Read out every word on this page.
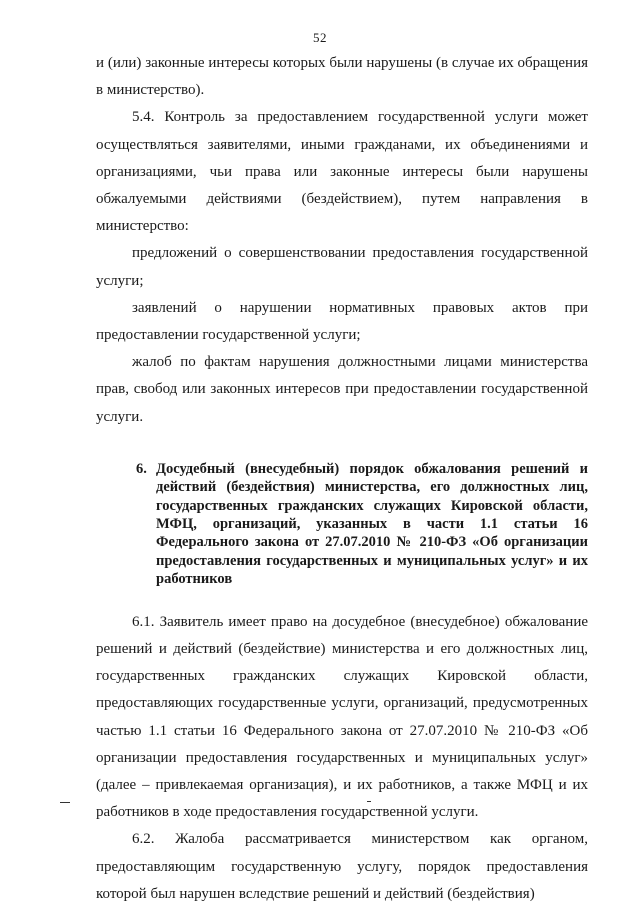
52

и (или) законные интересы которых были нарушены (в случае их обращения в министерство).

5.4. Контроль за предоставлением государственной услуги может осуществляться заявителями, иными гражданами, их объединениями и организациями, чьи права или законные интересы были нарушены обжалуемыми действиями (бездействием), путем направления в министерство:

предложений о совершенствовании предоставления государственной услуги;

заявлений о нарушении нормативных правовых актов при предоставлении государственной услуги;

жалоб по фактам нарушения должностными лицами министерства прав, свобод или законных интересов при предоставлении государственной услуги.

6. Досудебный (внесудебный) порядок обжалования решений и действий (бездействия) министерства, его должностных лиц, государственных гражданских служащих Кировской области, МФЦ, организаций, указанных в части 1.1 статьи 16 Федерального закона от 27.07.2010 № 210-ФЗ «Об организации предоставления государственных и муниципальных услуг» и их работников

6.1. Заявитель имеет право на досудебное (внесудебное) обжалование решений и действий (бездействие) министерства и его должностных лиц, государственных гражданских служащих Кировской области, предоставляющих государственные услуги, организаций, предусмотренных частью 1.1 статьи 16 Федерального закона от 27.07.2010 № 210-ФЗ «Об организации предоставления государственных и муниципальных услуг» (далее – привлекаемая организация), и их работников, а также МФЦ и их работников в ходе предоставления государственной услуги.

6.2. Жалоба рассматривается министерством как органом, предоставляющим государственную услугу, порядок предоставления которой был нарушен вследствие решений и действий (бездействия)
